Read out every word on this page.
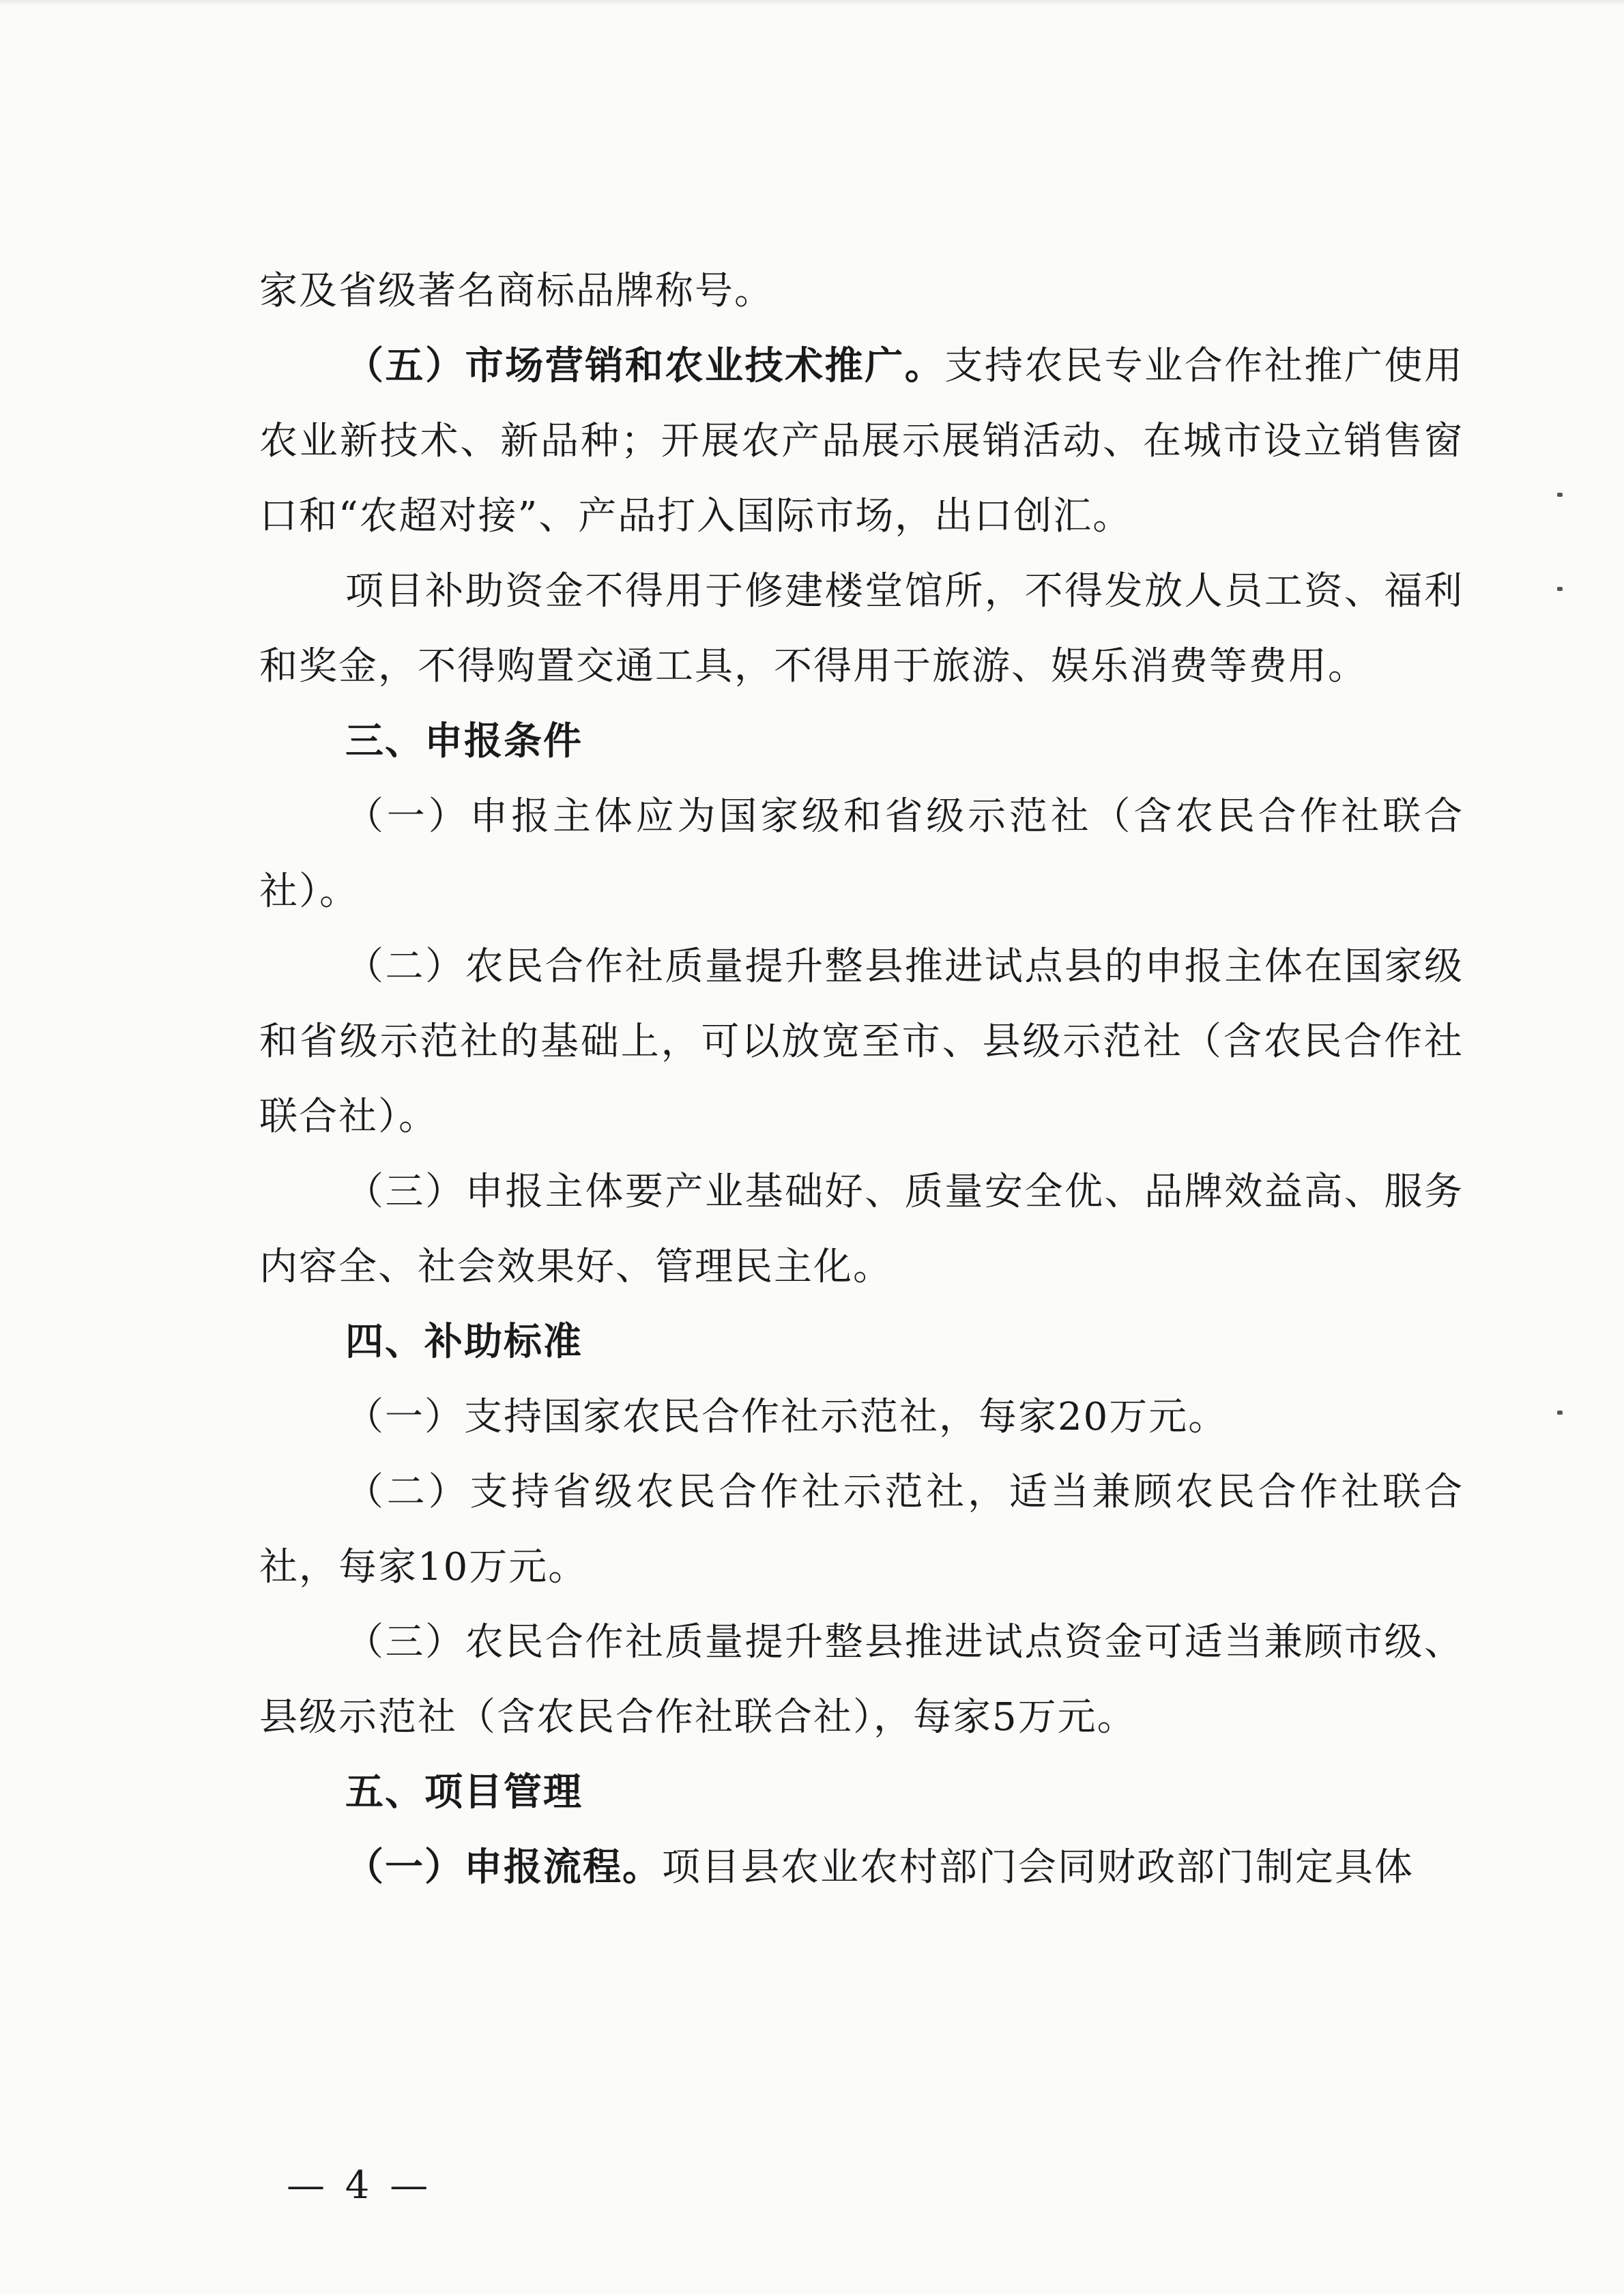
家及省级著名商标品牌称号。

（五）市场营销和农业技术推广。支持农民专业合作社推广使用农业新技术、新品种；开展农产品展示展销活动、在城市设立销售窗口和“农超对接”、产品打入国际市场，出口创汇。

项目补助资金不得用于修建楼堂馆所，不得发放人员工资、福利和奖金，不得购置交通工具，不得用于旅游、娱乐消费等费用。

三、申报条件

（一）申报主体应为国家级和省级示范社（含农民合作社联合社）。

（二）农民合作社质量提升整县推进试点县的申报主体在国家级和省级示范社的基础上，可以放宽至市、县级示范社（含农民合作社联合社）。

（三）申报主体要产业基础好、质量安全优、品牌效益高、服务内容全、社会效果好、管理民主化。

四、补助标准

（一）支持国家农民合作社示范社，每家20万元。

（二）支持省级农民合作社示范社，适当兼顾农民合作社联合社，每家10万元。

（三）农民合作社质量提升整县推进试点资金可适当兼顾市级、县级示范社（含农民合作社联合社），每家5万元。

五、项目管理

（一）申报流程。项目县农业农村部门会同财政部门制定具体

— 4 —
